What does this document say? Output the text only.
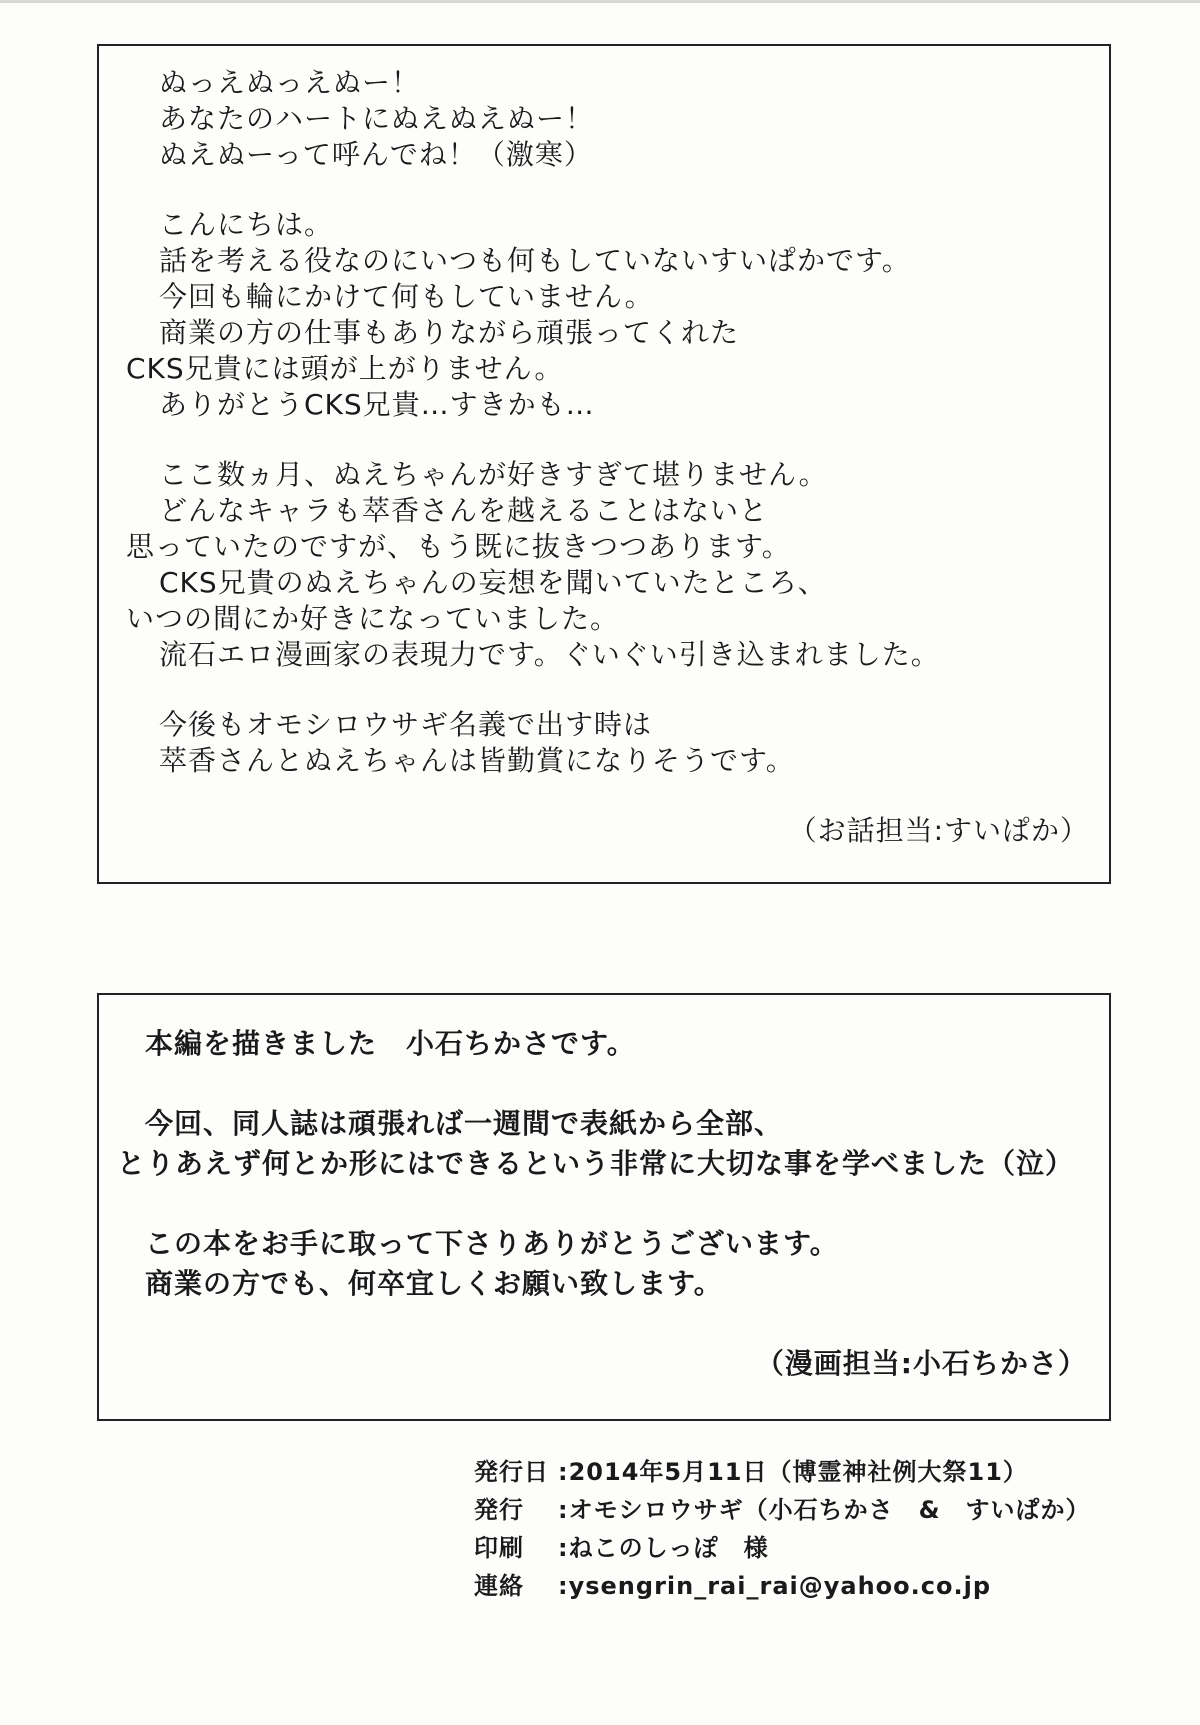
ぬっえぬっえぬー！
あなたのハートにぬえぬえぬー！
ぬえぬーって呼んでね！（激寒）
こんにちは。
話を考える役なのにいつも何もしていないすいぱかです。
今回も輪にかけて何もしていません。
商業の方の仕事もありながら頑張ってくれた
CKS兄貴には頭が上がりません。
ありがとうCKS兄貴…すきかも…
ここ数ヵ月、ぬえちゃんが好きすぎて堪りません。
どんなキャラも萃香さんを越えることはないと
思っていたのですが、もう既に抜きつつあります。
CKS兄貴のぬえちゃんの妄想を聞いていたところ、
いつの間にか好きになっていました。
流石エロ漫画家の表現力です。ぐいぐい引き込まれました。
今後もオモシロウサギ名義で出す時は
萃香さんとぬえちゃんは皆勤賞になりそうです。
（お話担当:すいぱか）
本編を描きました　小石ちかさです。
今回、同人誌は頑張れば一週間で表紙から全部、
とりあえず何とか形にはできるという非常に大切な事を学べました（泣）
この本をお手に取って下さりありがとうございます。
商業の方でも、何卒宜しくお願い致します。
（漫画担当:小石ちかさ）
発行日 :2014年5月11日（博霊神社例大祭11）
発行 :オモシロウサギ（小石ちかさ　&　すいぱか）
印刷 :ねこのしっぽ　様
連絡 :ysengrin_rai_rai@yahoo.co.jp
